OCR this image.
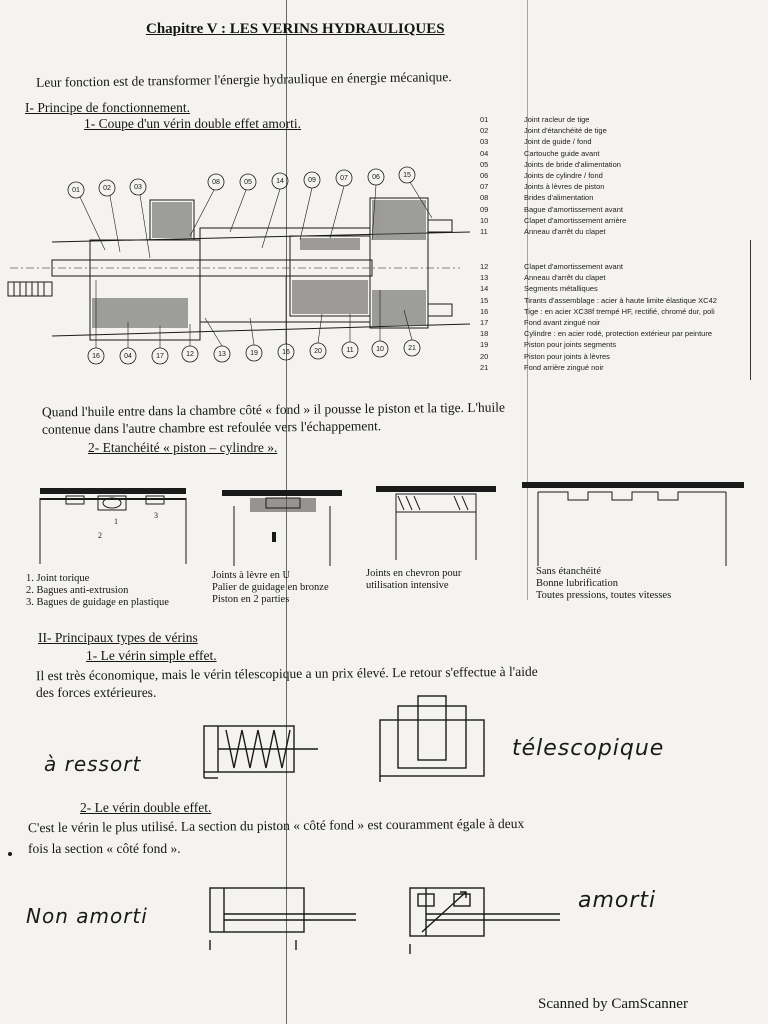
Chapitre V : LES VERINS HYDRAULIQUES
Leur fonction est de transformer l'énergie hydraulique en énergie mécanique.
I- Principe de fonctionnement.
1- Coupe d'un vérin double effet amorti.
01	02	03
08	05	14	09	07	06	15
16	04	17	12	13	19	16	20	11	10	21
01	Joint racleur de tige
02	Joint d'étanchéité de tige
03	Joint de guide / fond
04	Cartouche guide avant
05	Joints de bride d'alimentation
06	Joints de cylindre / fond
07	Joints à lèvres de piston
08	Brides d'alimentation
09	Bague d'amortissement avant
10	Clapet d'amortissement arrière
11	Anneau d'arrêt du clapet
12	Clapet d'amortissement avant
13	Anneau d'arrêt du clapet
14	Segments métalliques
15	Tirants d'assemblage : acier à haute limite élastique XC42
16	Tige : en acier XC38f trempé HF, rectifié, chromé dur, poli
17	Fond avant zingué noir
18	Cylindre : en acier rodé, protection extérieur par peinture
19	Piston pour joints segments
20	Piston pour joints à lèvres
21	Fond arrière zingué noir
Quand l'huile entre dans la chambre côté « fond » il pousse le piston et la tige. L'huile
contenue dans l'autre chambre est refoulée vers l'échappement.
2- Etanchéité « piston – cylindre ».
1
2
3
1. Joint torique
2. Bagues anti-extrusion
3. Bagues de guidage en plastique
Joints à lèvre en U
Palier de guidage en bronze
Piston en 2 parties
Joints en chevron pour
utilisation intensive
Sans étanchéité
Bonne lubrification
Toutes pressions, toutes vitesses
II- Principaux types de vérins
1- Le vérin simple effet.
Il est très économique, mais le vérin télescopique a un prix élevé. Le retour s'effectue à l'aide
des forces extérieures.
à ressort
télescopique
2- Le vérin double effet.
C'est le vérin le plus utilisé. La section du piston « côté fond » est couramment égale à deux
fois la section « côté fond ».
Non amorti
amorti
Scanned by CamScanner
